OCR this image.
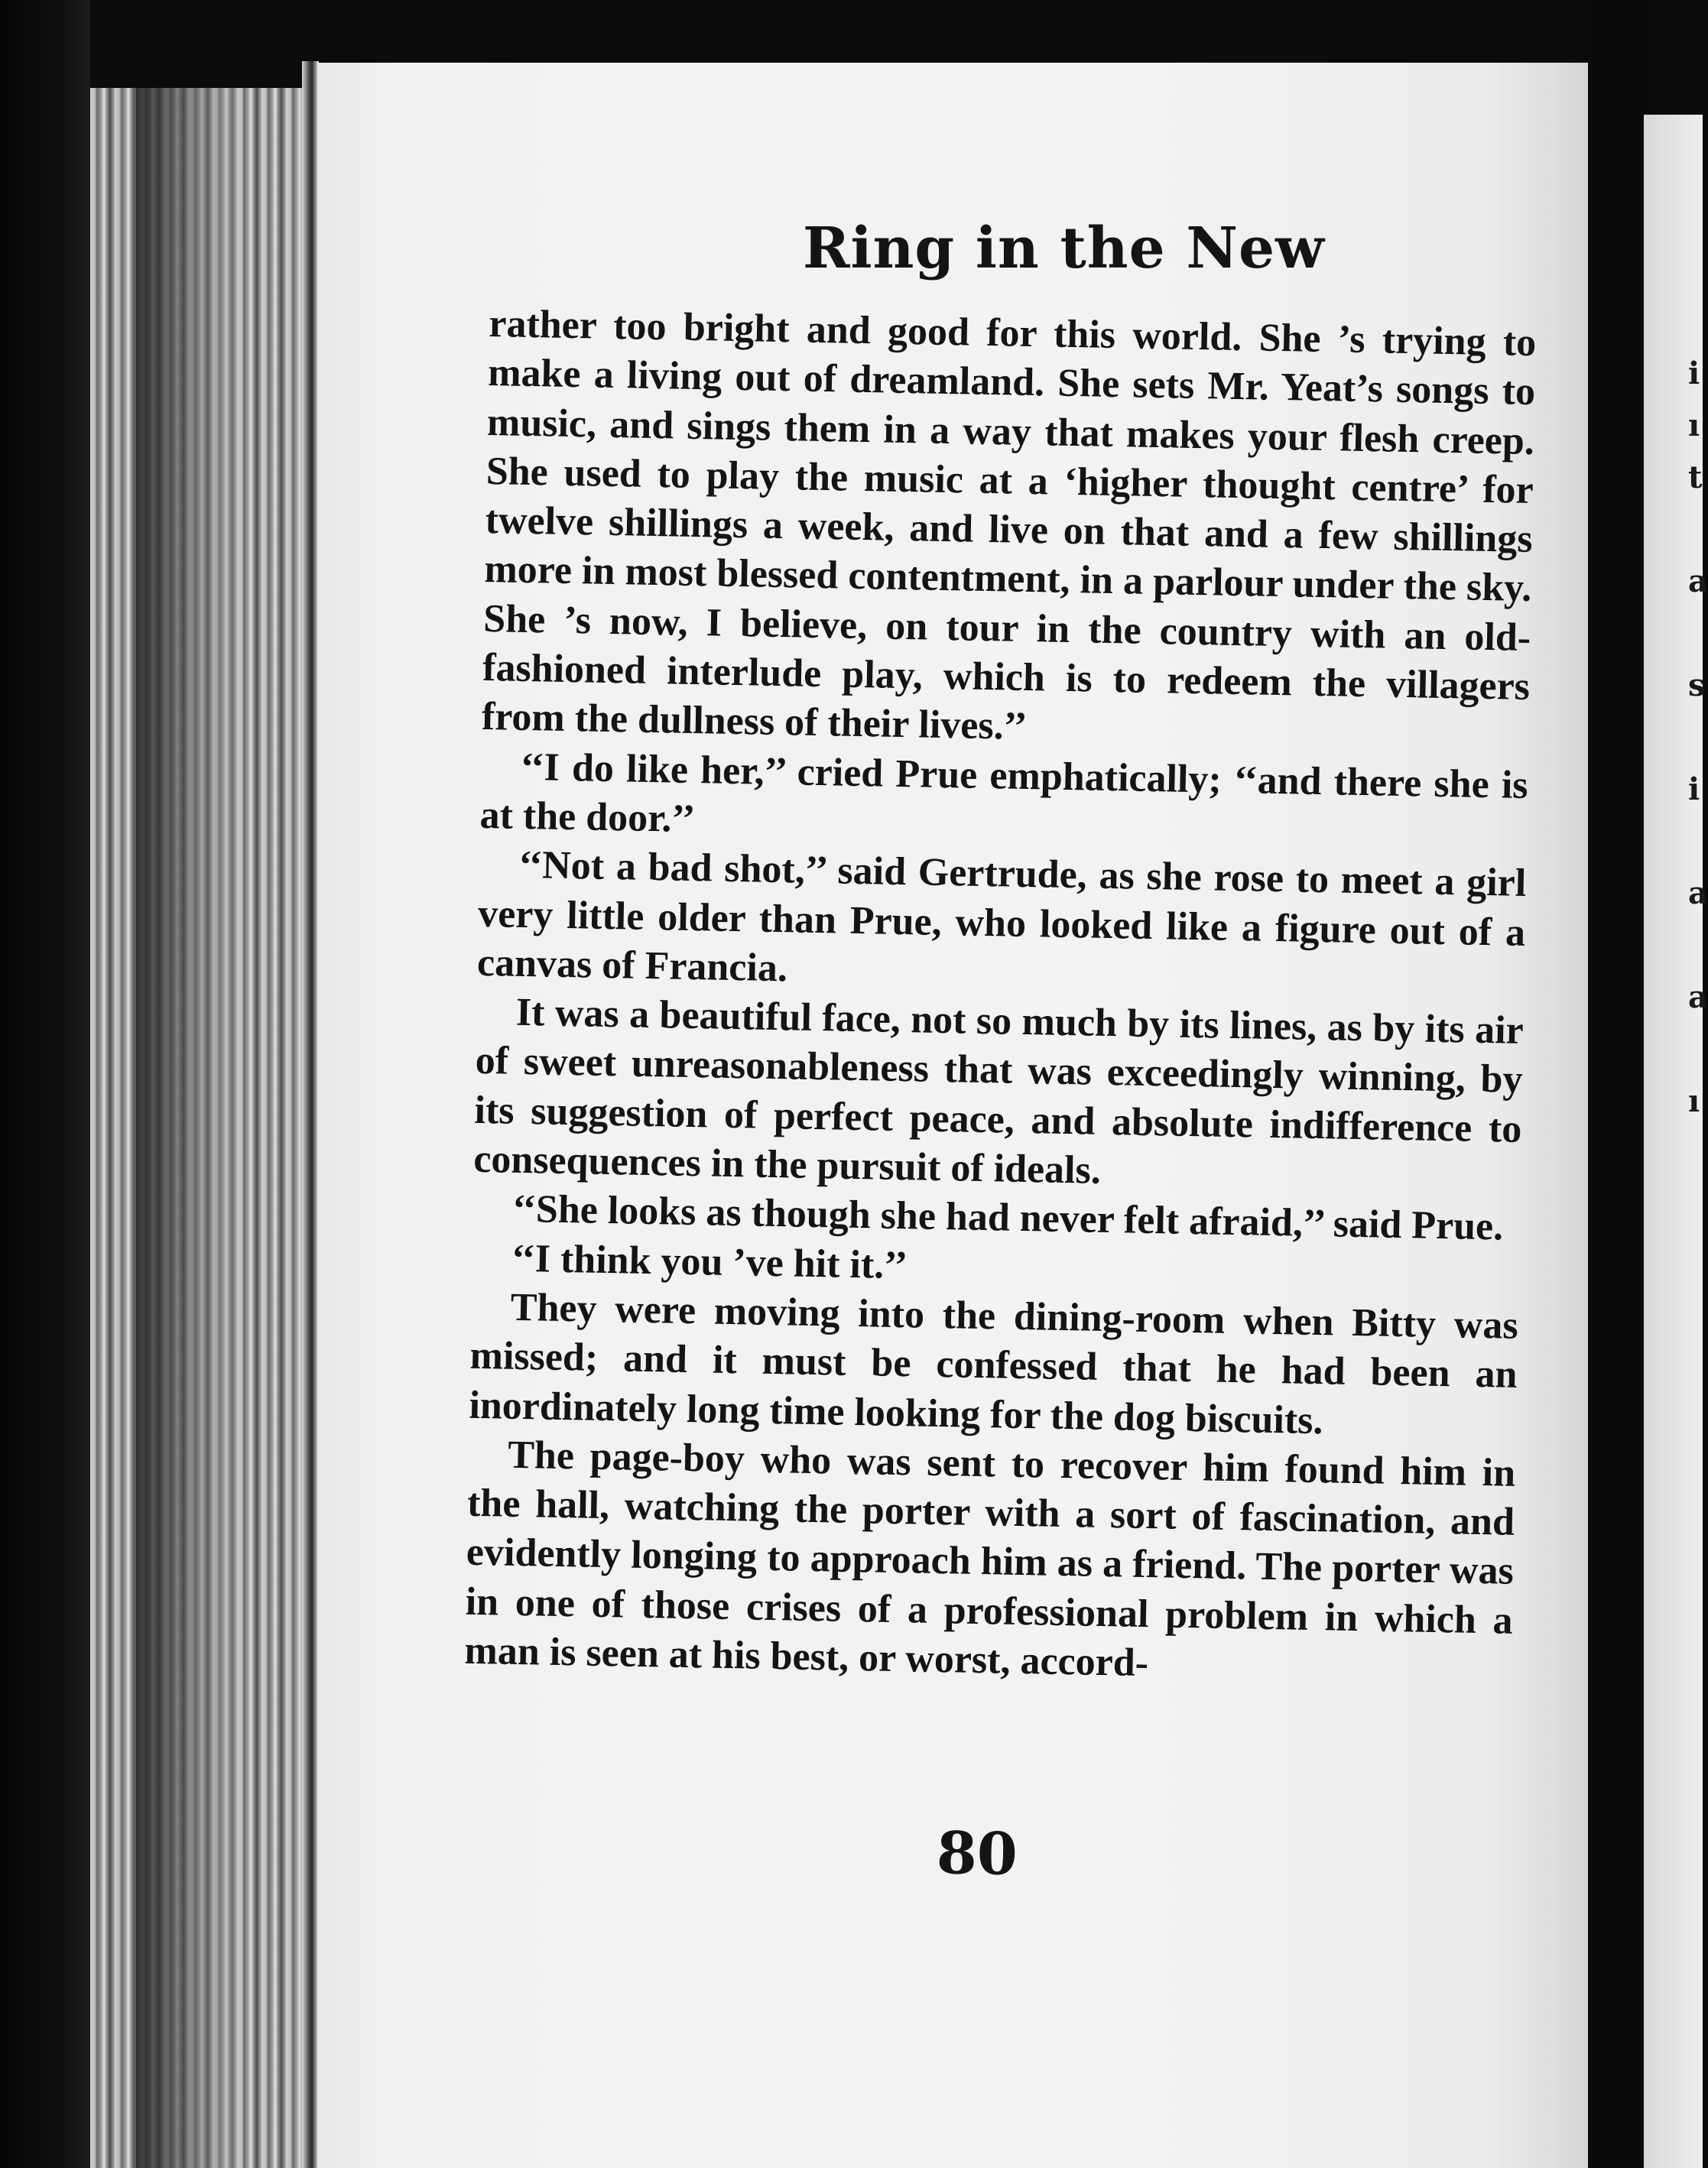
i
ı
t

a

s

i

a

a

ı
Ring in the New

rather too bright and good for this world. She ’s trying to make a living out of dreamland. She sets Mr. Yeat’s songs to music, and sings them in a way that makes your flesh creep. She used to play the music at a ‘higher thought centre’ for twelve shillings a week, and live on that and a few shillings more in most blessed contentment, in a parlour under the sky. She ’s now, I believe, on tour in the country with an old-fashioned interlude play, which is to redeem the villagers from the dullness of their lives.’’

‘‘I do like her,’’ cried Prue emphatically; ‘‘and there she is at the door.’’

‘‘Not a bad shot,’’ said Gertrude, as she rose to meet a girl very little older than Prue, who looked like a figure out of a canvas of Francia.

It was a beautiful face, not so much by its lines, as by its air of sweet unreasonableness that was exceedingly winning, by its suggestion of perfect peace, and absolute indifference to consequences in the pursuit of ideals.

‘‘She looks as though she had never felt afraid,’’ said Prue.

‘‘I think you ’ve hit it.’’

They were moving into the dining-room when Bitty was missed; and it must be confessed that he had been an inordinately long time looking for the dog biscuits.

The page-boy who was sent to recover him found him in the hall, watching the porter with a sort of fascination, and evidently longing to approach him as a friend. The porter was in one of those crises of a professional problem in which a man is seen at his best, or worst, accord-

80
